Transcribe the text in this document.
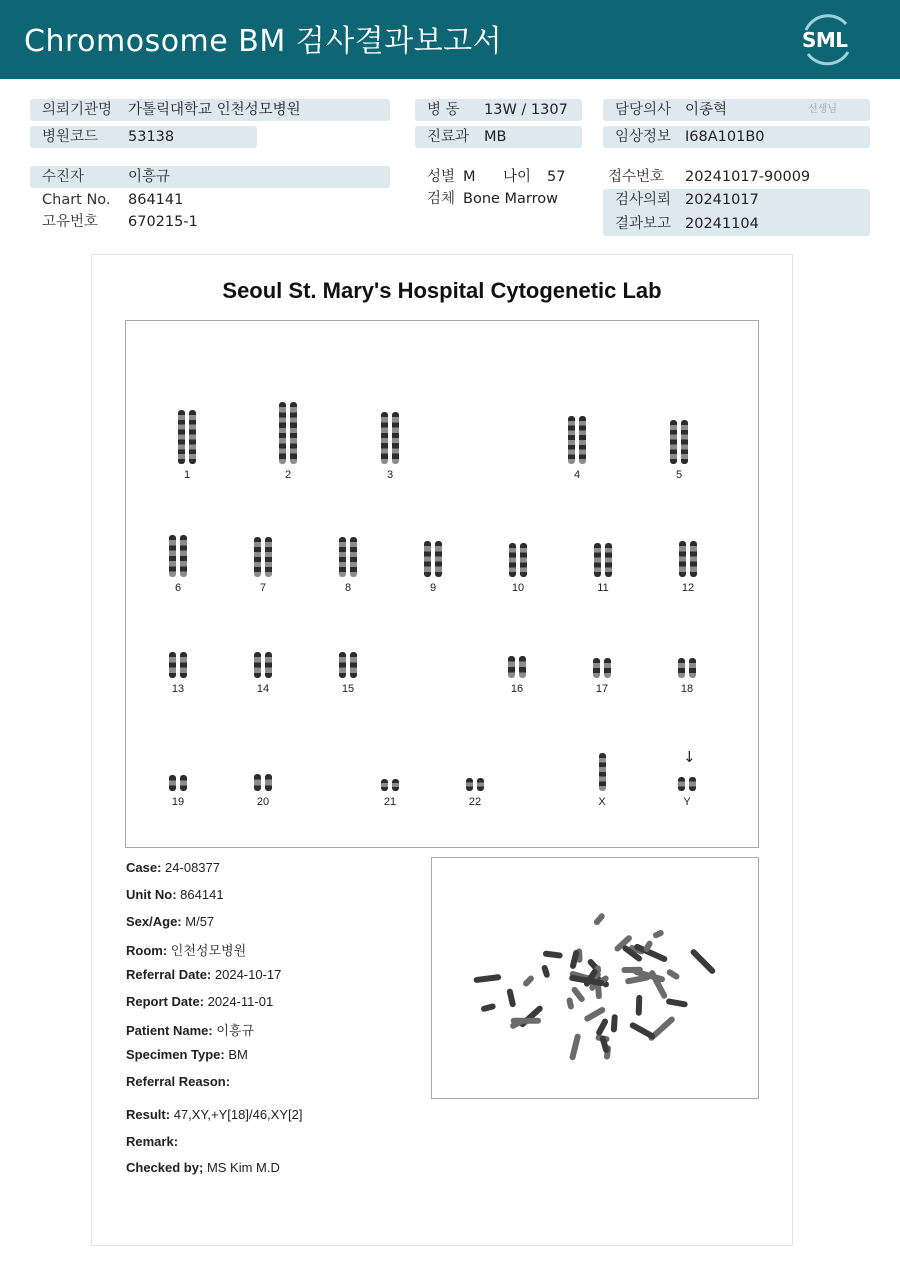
Chromosome BM 검사결과보고서	SML
의뢰기관명 가톨릭대학교 인천성모병원
병원코드 53138
병 동 13W / 1307
진료과 MB
담당의사 이종혁	선생님
임상정보 I68A101B0
수진자	이흥규
Chart No. 864141
고유번호 670215-1
성별 M 나이 57
검체 Bone Marrow
접수번호 20241017-90009
검사의뢰 20241017
결과보고 20241104
Seoul St. Mary's Hospital Cytogenetic Lab
1	2	3	4	5
6	7	8	9	10	11	12
13	14	15	16	17	18
19	20	21	22	X	Y
↓
Case: 24-08377
Unit No: 864141
Sex/Age: M/57
Room: 인천성모병원
Referral Date: 2024-10-17
Report Date: 2024-11-01
Patient Name: 이흥규
Specimen Type: BM
Referral Reason:
Result: 47,XY,+Y[18]/46,XY[2]
Remark:
Checked by; MS Kim M.D
